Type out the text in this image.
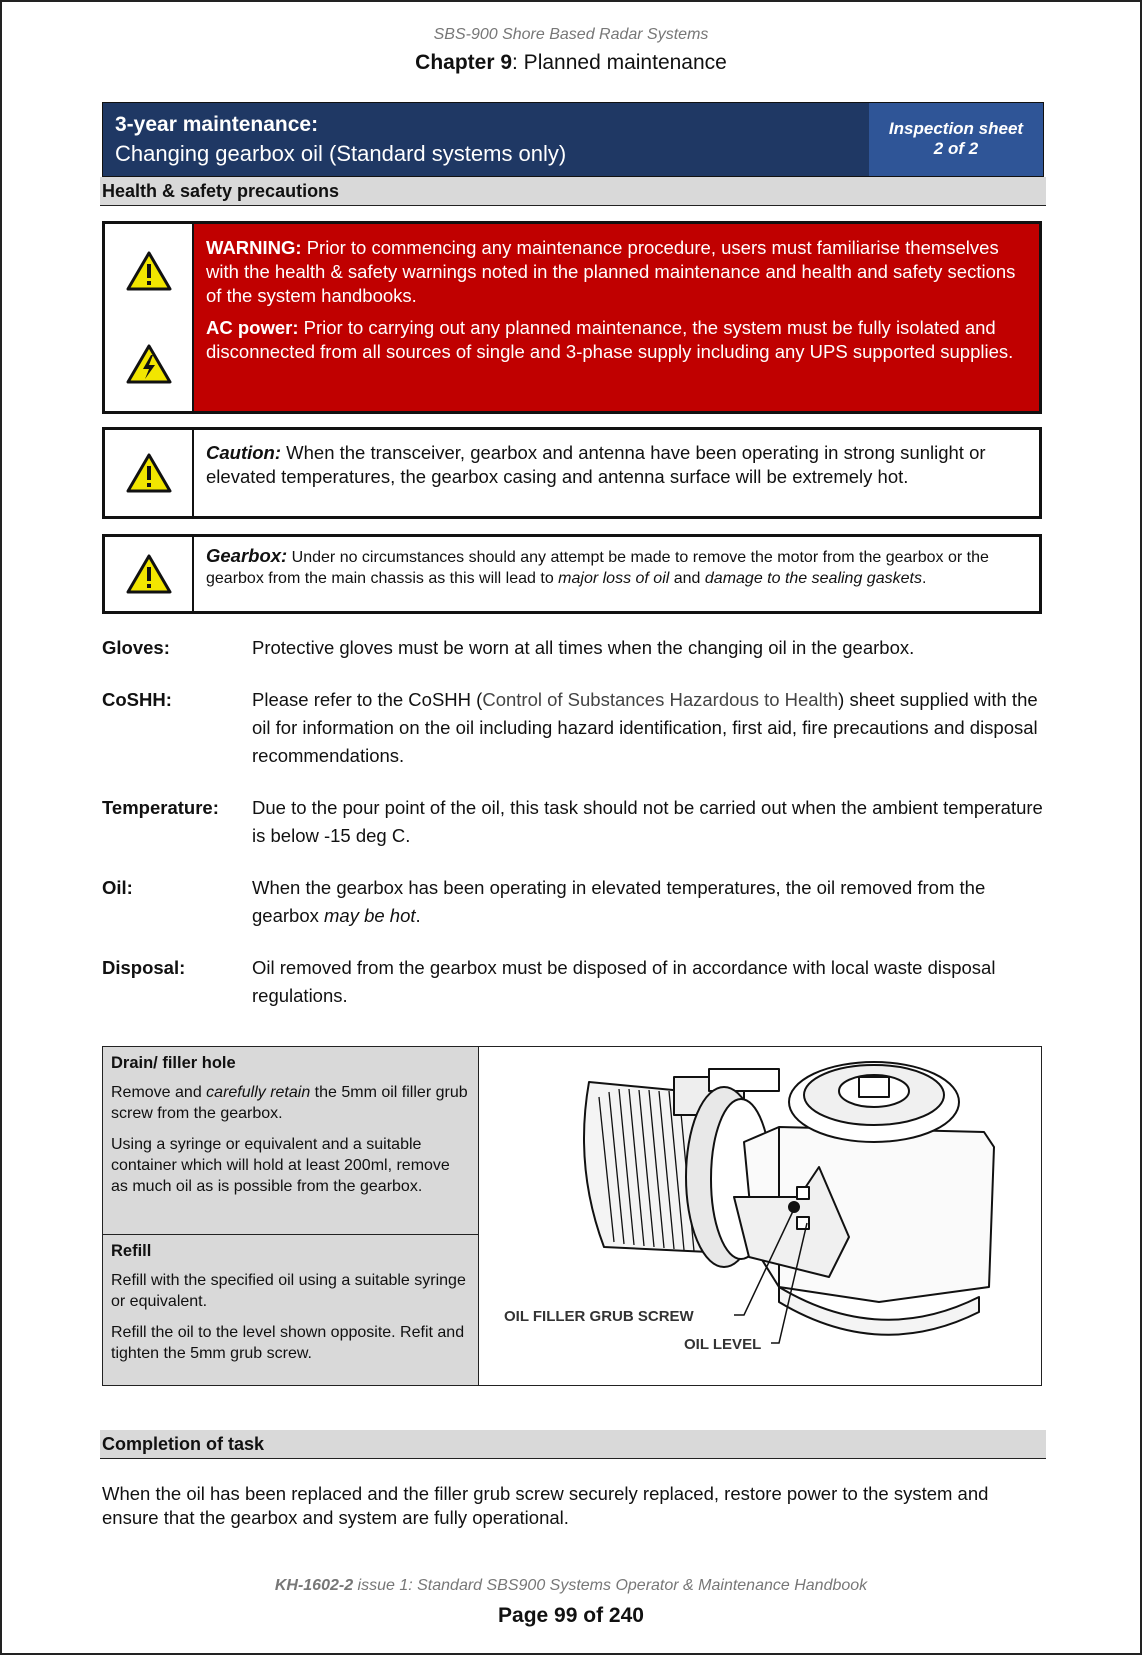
SBS-900 Shore Based Radar Systems
Chapter 9: Planned maintenance
3-year maintenance:
Changing gearbox oil (Standard systems only)
Inspection sheet
2 of 2
Health & safety precautions

WARNING: Prior to commencing any maintenance procedure, users must familiarise themselves with the health & safety warnings noted in the planned maintenance and health and safety sections of the system handbooks.

AC power: Prior to carrying out any planned maintenance, the system must be fully isolated and disconnected from all sources of single and 3-phase supply including any UPS supported supplies.

Caution: When the transceiver, gearbox and antenna have been operating in strong sunlight or elevated temperatures, the gearbox casing and antenna surface will be extremely hot.

Gearbox: Under no circumstances should any attempt be made to remove the motor from the gearbox or the gearbox from the main chassis as this will lead to major loss of oil and damage to the sealing gaskets.

Gloves:	Protective gloves must be worn at all times when the changing oil in the gearbox.
CoSHH:	Please refer to the CoSHH (Control of Substances Hazardous to Health) sheet supplied with the oil for information on the oil including hazard identification, first aid, fire precautions and disposal recommendations.
Temperature:	Due to the pour point of the oil, this task should not be carried out when the ambient temperature is below -15 deg C.
Oil:	When the gearbox has been operating in elevated temperatures, the oil removed from the gearbox may be hot.
Disposal:	Oil removed from the gearbox must be disposed of in accordance with local waste disposal regulations.
Drain/ filler hole

Remove and carefully retain the 5mm oil filler grub screw from the gearbox.

Using a syringe or equivalent and a suitable container which will hold at least 200ml, remove as much oil as is possible from the gearbox.

Refill

Refill with the specified oil using a suitable syringe or equivalent.

Refill the oil to the level shown opposite. Refit and tighten the 5mm grub screw.

OIL FILLER GRUB SCREW
OIL LEVEL
Completion of task
When the oil has been replaced and the filler grub screw securely replaced, restore power to the system and ensure that the gearbox and system are fully operational.
KH-1602-2 issue 1: Standard SBS900 Systems Operator & Maintenance Handbook
Page 99 of 240
